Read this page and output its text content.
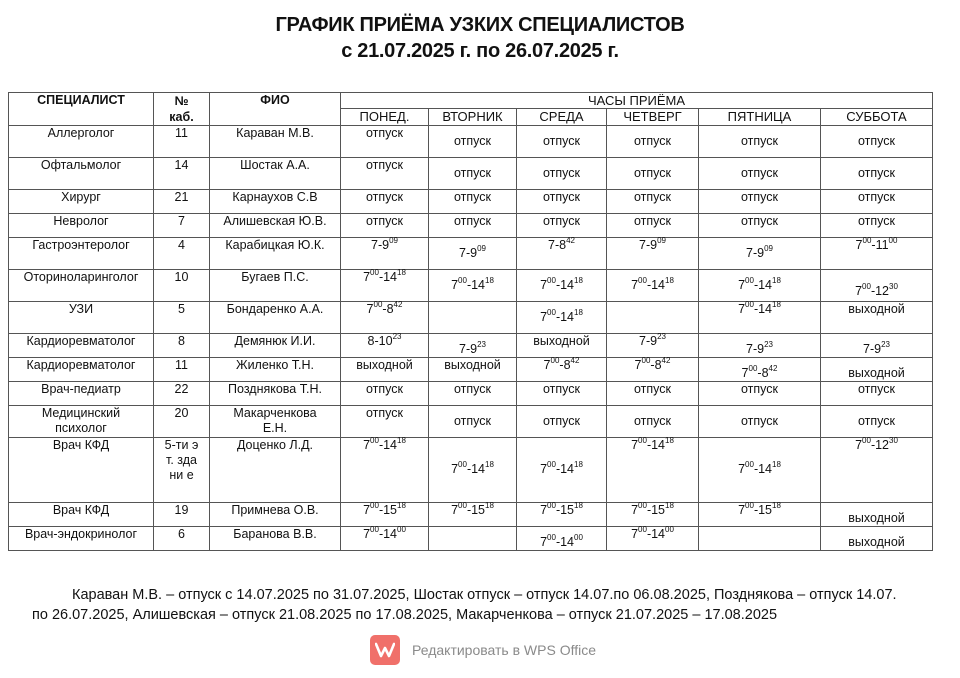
ГРАФИК ПРИЁМА УЗКИХ СПЕЦИАЛИСТОВ
с 21.07.2025 г. по 26.07.2025 г.
СПЕЦИАЛИСТ	№ каб.	ФИО	ЧАСЫ ПРИЁМА					
			ПОНЕД.	ВТОРНИК	СРЕДА	ЧЕТВЕРГ	ПЯТНИЦА	СУББОТА
Аллерголог	11	Караван М.В.	отпуск	отпуск	отпуск	отпуск	отпуск	отпуск

Офтальмолог	14	Шостак А.А.	отпуск	отпуск	отпуск	отпуск	отпуск	отпуск

Хирург	21	Карнаухов С.В	отпуск	отпуск	отпуск	отпуск	отпуск	отпуск

Невролог	7	Алишевская Ю.В.	отпуск	отпуск	отпуск	отпуск	отпуск	отпуск

Гастроэнтеролог	4	Карабицкая Ю.К.	$7-9^{09}$	$7-9^{09}$	$7-8^{42}$	$7-9^{09}$	$7-9^{09}$	$7^{00}-11^{00}$

Оториноларинголог	10	Бугаев П.С.	$7^{00}-14^{18}$	$7^{00}-14^{18}$	$7^{00}-14^{18}$	$7^{00}-14^{18}$	$7^{00}-14^{18}$	$7^{00}-12^{30}$

УЗИ	5	Бондаренко А.А.	$7^{00}-8^{42}$		$7^{00}-14^{18}$		$7^{00}-14^{18}$	выходной

Кардиоревматолог	8	Демянюк И.И.	$8-10^{23}$	$7-9^{23}$	выходной	$7-9^{23}$	$7-9^{23}$	$7-9^{23}$

Кардиоревматолог	11	Жиленко Т.Н.	выходной	выходной	$7^{00}-8^{42}$	$7^{00}-8^{42}$	$7^{00}-8^{42}$	выходной

Врач-педиатр	22	Позднякова Т.Н.	отпуск	отпуск	отпуск	отпуск	отпуск	отпуск

Медицинский психолог	20	Макарченкова Е.Н.	отпуск	отпуск	отпуск	отпуск	отпуск	отпуск

Врач КФД	5-ти эт. здани е	Доценко Л.Д.	$7^{00}-14^{18}$	$7^{00}-14^{18}$	$7^{00}-14^{18}$	$7^{00}-14^{18}$	$7^{00}-14^{18}$	$7^{00}-12^{30}$

Врач КФД	19	Примнева О.В.	$7^{00}-15^{18}$	$7^{00}-15^{18}$	$7^{00}-15^{18}$	$7^{00}-15^{18}$	$7^{00}-15^{18}$	выходной

Врач-эндокринолог	6	Баранова В.В.	$7^{00}-14^{00}$		$7^{00}-14^{00}$	$7^{00}-14^{00}$		выходной
Караван М.В. – отпуск с 14.07.2025 по 31.07.2025, Шостак отпуск – отпуск 14.07.по 06.08.2025, Позднякова – отпуск 14.07. по 26.07.2025, Алишевская – отпуск 21.08.2025 по 17.08.2025, Макарченкова – отпуск 21.07.2025 – 17.08.2025
Редактировать в WPS Office
